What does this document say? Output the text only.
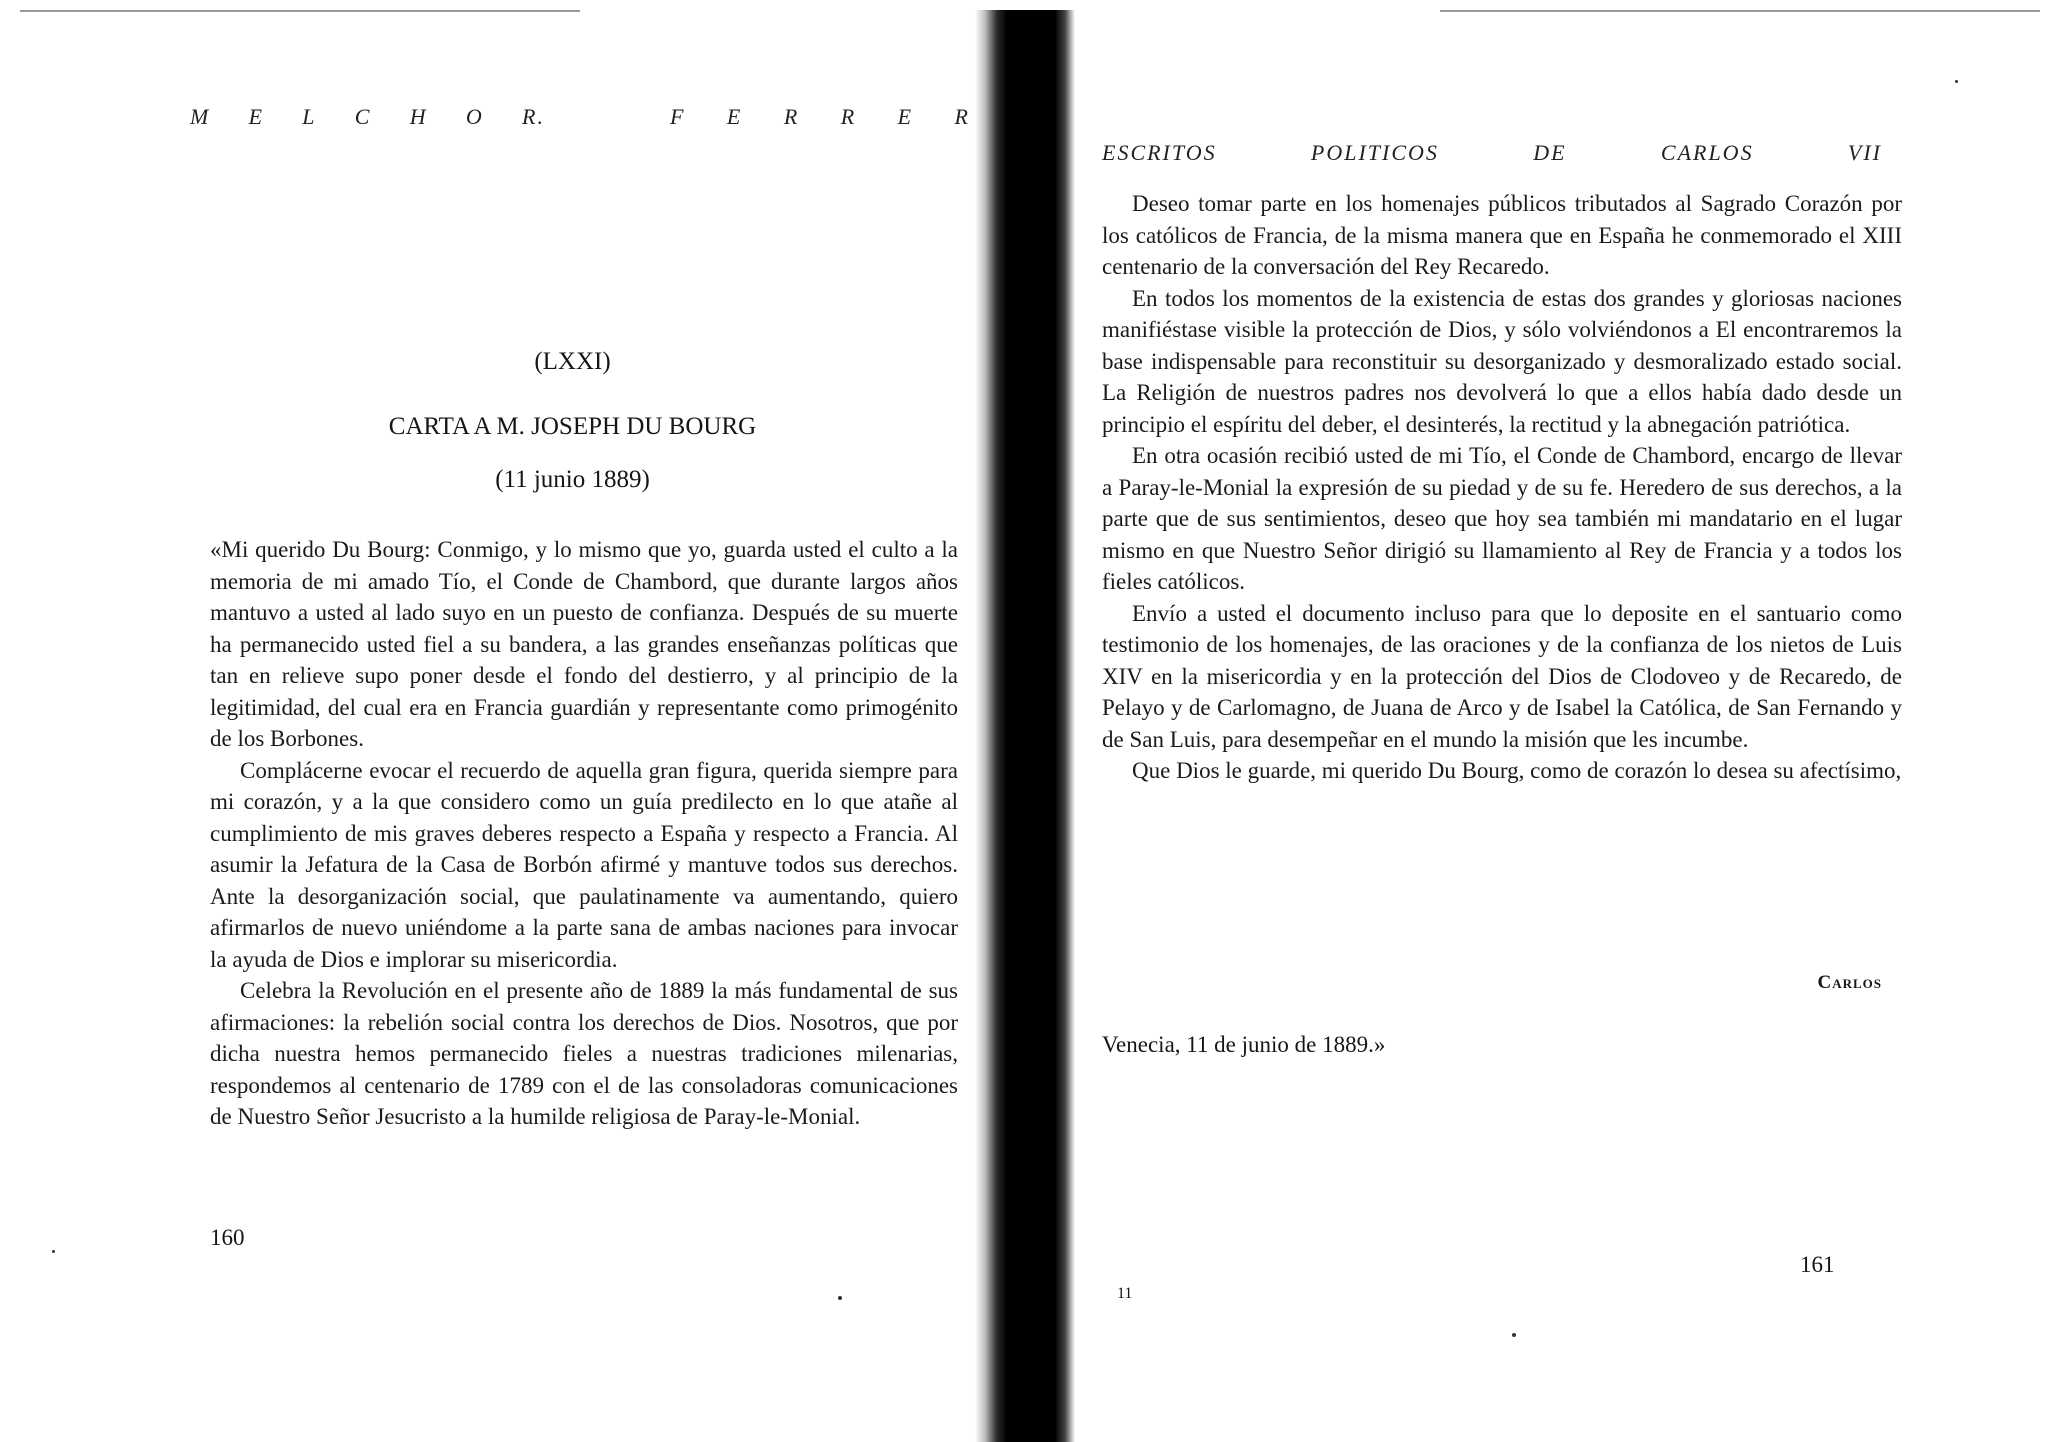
M E L C H O R.	F E R R E R
(LXXI)
CARTA A M. JOSEPH DU BOURG
(11 junio 1889)

«Mi querido Du Bourg: Conmigo, y lo mismo que yo, guarda usted el culto a la memoria de mi amado Tío, el Conde de Chambord, que durante largos años mantuvo a usted al lado suyo en un puesto de confianza. Después de su muerte ha permanecido usted fiel a su bandera, a las grandes enseñanzas políticas que tan en relieve supo poner desde el fondo del destierro, y al principio de la legitimidad, del cual era en Francia guardián y representante como primogénito de los Borbones.

Complácerne evocar el recuerdo de aquella gran figura, querida siempre para mi corazón, y a la que considero como un guía predilecto en lo que atañe al cumplimiento de mis graves deberes respecto a España y respecto a Francia. Al asumir la Jefatura de la Casa de Borbón afirmé y mantuve todos sus derechos. Ante la desorganización social, que paulatinamente va aumentando, quiero afirmarlos de nuevo uniéndome a la parte sana de ambas naciones para invocar la ayuda de Dios e implorar su misericordia.

Celebra la Revolución en el presente año de 1889 la más fundamental de sus afirmaciones: la rebelión social contra los derechos de Dios. Nosotros, que por dicha nuestra hemos permanecido fieles a nuestras tradiciones milenarias, respondemos al centenario de 1789 con el de las consoladoras comunicaciones de Nuestro Señor Jesucristo a la humilde religiosa de Paray-le-Monial.

160
ESCRITOS	POLITICOS	DE	CARLOS	VII

Deseo tomar parte en los homenajes públicos tributados al Sagrado Corazón por los católicos de Francia, de la misma manera que en España he conmemorado el XIII centenario de la conversación del Rey Recaredo.

En todos los momentos de la existencia de estas dos grandes y gloriosas naciones manifiéstase visible la protección de Dios, y sólo volviéndonos a El encontraremos la base indispensable para reconstituir su desorganizado y desmoralizado estado social. La Religión de nuestros padres nos devolverá lo que a ellos había dado desde un principio el espíritu del deber, el desinterés, la rectitud y la abnegación patriótica.

En otra ocasión recibió usted de mi Tío, el Conde de Chambord, encargo de llevar a Paray-le-Monial la expresión de su piedad y de su fe. Heredero de sus derechos, a la parte que de sus sentimientos, deseo que hoy sea también mi mandatario en el lugar mismo en que Nuestro Señor dirigió su llamamiento al Rey de Francia y a todos los fieles católicos.

Envío a usted el documento incluso para que lo deposite en el santuario como testimonio de los homenajes, de las oraciones y de la confianza de los nietos de Luis XIV en la misericordia y en la protección del Dios de Clodoveo y de Recaredo, de Pelayo y de Carlomagno, de Juana de Arco y de Isabel la Católica, de San Fernando y de San Luis, para desempeñar en el mundo la misión que les incumbe.

Que Dios le guarde, mi querido Du Bourg, como de corazón lo desea su afectísimo,

Carlos
Venecia, 11 de junio de 1889.»
11
161
